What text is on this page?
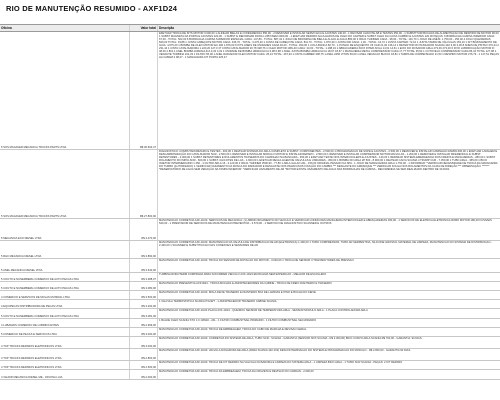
RIO DE MANUTENÇÃO RESUMIDO - AXF1D24
Oficina	Valor total Descrição
5 SOS MAGAVER MECANICA TRUCKS PARTS LTDA	R$ 36.602,47
EFETUAR TROCA DE KITS MOTOR 3.600,00 1 ALINHAR BIELAS E CONFERENCIA 650,00 - 2 REMOVER E INSTALAR SERVO ECA E AJUSTES 140,00 - 1 REVISAR CHICOTE AB E TESTES 350,00 - 1 SUBSTITUIR BUCHAS DE ALIMENTAÇÃO DE RESPIRO DE MOTOR 90,00 1 SUBST MAGNETA DA PORTA E AJUSTES 220,00 - 1 SUBST E REFORMAR RODA LUPIX/SEM 2000,00 - 1 EFETUAR REPARO AGULHADOS DE OLEO DO CARTER E SUBST OLEO DA CAIXA CAMBIO E AJUSTES 120,00 PEÇAS: 6 BORRACHA CAMISA INFERIOR CADA: 67,00 - TOTAL: 502,00 6 BORRACHA CAMISA SUPERIOR ESPECIAL CADA: 147,89 - TOTAL: 887,34 1 JOGO DE BRONZINA DE BIELA E ALGOL E AGUA 880,00 3 00121 THINNER CADA - 38,90 - TOTAL: 116,70 1 JOGO DE ANÉIS: 1.750,00 - 156,00 4 JOGO QUEIXEIRAS 840,00 TOTAL: 33,88 1 JUNTA CABEÇOTE MOTOR CADA: 436,70 - TOTAL: 3.276,40 1 JUNTA DE CABEÇOTE CADA: 811,70 - TOTAL: 1.870,30 1 JUNTA 600 CADA: 1,30 - TOTAL: 16,72 1 JUNTA CARTER: 72,10 1 JUNTA TAMPA DE VÁLVULAS 153,10 1 KIT BOZINAMENTO DE GUIA: 4.975,20 1 BOMBA DE OLEO MOTOR EC 400 1.879,00 6 KITS ANEIS DE UNIDADES CADA 46,00 - TOTAL: 390,00 1 COLA BANCA 82,70 - 1 PUNHO DE ESQUENTO V6 CAR 21,00 136,14 1 RETENTOR DO PASSADOR SCANIA 440 3,00 3,00 8 ANEIS DE PISTAO 370,24 2 231,44 1 CINTA CATALISADORA 1.220,20 127,3 47 CINTA CATALISADOR 26,78 328,76 1 OLEO MOTOR 19W-40 CADA: 33,00 - TOTAL: 1.188,34 1 ABRACADEIRA INOX INTER AVILA 14,61 14,61 1 EIXO DO DOSADOR ARLA 273,00 273,00 6 FIXO LUBRIFICAÇÃO MOTOR FI 48,00 2 801,1 ANEL BOMBA HIDRAULICA 3,32 3,32 1 UNIDADE DE BOMBA HIDRAULICA 6,98 6,98 1 ANEL JUNTA BOMBA HIDRAULICA 18,67 18,67 1 MANGUEIRA METAL COMPRESSOR CADA 17,77 TOTAL 35,54 1 COTOVELO COMPRESSOR CADA 86,44 TOTAL 127,98 1 VEDANTE TURBINA 162,33 1 FILTRO 65,00 1 ANEL RADIADOR OLEO MOTOR CADA: 25,44 TOTAL: 467,94 1 CINTA CAMBER 308,75 1 ANEL 2250 VITON 69,00 1 ANEL VEDACAO BLOCO 18,81 1 TAMPA DE COMPENSADO 21,53 1 RESPIRO MOTOR 276,79 - 1 147,51 PEÇAS HA CABAM 2 08,27 - 1 MANGUEIRA KIT PORTA 225,47
5 SOS MAGAVER MECANICA TRUCKS PARTS LTDA	R$ 27.800,00
DIAGNOSTICO: COMPUTADORIZADO E TESTES - 300,00 1 REVISAR SISTEMA DO ARLA COMPLETO E SUBST. COMPONENTES - 2.500,00 1 PROGRAMACAO DE SOPE E AJUSTES - 2.500,00 1 REMOVER E INSTALAR CAMINHAO RAMPA 600,00 1 EFETUAR LAVAGEM E DESCARBONIZAÇÃO DO CATALISADOR SCR - 2.500,00 1 REMOVER E INSTALAR MODULO MOTOR E INSTALAR REPARO - 2.500,00 1 REMOVER E INSTALAR COMPRESSOR MOTOR/VALVULAS - 1.200,00 1 REMOVER E INSTALAR DIFERENCIAL E SUBST. RETENTORES - 2.000,00 1 SUBST RETENTORES E ROLAMENTOS TRASEIROS DO CAMINHAO NA BANCADA - 450,00 1 EFETUAR TESTE NOS INTERCOOLERS E AJUSTES - 140,00 1 REPARAR SISTEMA EMERGENCIA DOS FREIOS E MANGUEIRAS - 280,00 1 SUBST ROLAMENTO DO IMPULSOR - 600,00 1 SUBST. CHICOTES DE LAS - 1.600,00 1 EFETUAR REGULAGEM DE VALVULAS E UNIDADES - 450,00 1 BOMBA DO ARLA 2P 500 - 8.900,00 1 REVISAR CAIXA SCANIA 4 TRUMP CUR - 7.350,00 1 TUBO ARLA - 365,00 1 BICO INJETOR INTERMEDIARIO 1.450 - 1 FILTRO ARLA 16 - 2.120,00 2 00121 THINNER 3500,90 - 77,80 1 ARLA GALAO 20L - 159,00 ORIGINAL PESADO DA SPA - 1 JOGO DE MANGUEIRAS ARLA 1.750,00 - 1 INFORMAR: *VERIFICAR NECESSIDADE DE TROCA DA MANGUEIRA DO TURBO (AUTORIZADO) 1 VERIFICAR VAZAMENTO DA ROSCA DO RADIADOR E DESGASTE NOS PARAFUSOS FIXAÇÃO DO CAMBIO *** DESGASTE DO ARRANQUE *** VERIFICAR FOLGA NOS ROLAMENTOS DA CAIXA DE DIREÇÃO *** OBSERVAÇÃO: ******* *RESERVATÓRIO DE AGUA SEM VEDAÇÃO NA TAMPA INFERIOR: *VERIFICAR VAZAMENTO DE AR *MOTOR EXISTE VAZAMENTO DE AGUA NAS BORRACHAS DE CAMISA - RECOMENDA-SE SER REALIZADO DENTRO DE 30 DIAS
5 MECANICA ECO DIESEL LTDA	R$ 4.470,00
MANUTENCAO CORRETIVA AXF-1D24: SERVICOS DE MECANICA: (1) ABRIR ORCAMENTO DO VEICULO E VERIFICAR CONDICOES MANGUEIRA INTERCOOLER E ABRAÇADEIRAS 180,00 - 1 SERVICOS DE ELETRICA ELETRONICA ROBO MOTOR 180,00 FUSIVEIS 540,00 - 1 PRESTADOR DE SERVICOS DE MANUTENCAO PREVENTIVA - 3.570,00 - 1 SERVICO DE DIAGNOSTICO SCANNER E OUTROS
5 R&C MECANICA DIESEL LTDA	R$ 3.890,00
MANUTENCAO CORRETIVA AXF-1D24: MANUTENCAO DA VALVULA DE DISTRIBUICAO DE AR (ELETRONICA) 1.490,00 1 TUBO COMPRESSOR, TUBO AR SERPENTINA, SILICONE GROSSO, MATERIAL DE LIMPEZA, MANUTENCAO DO SISTEMA DE DISTRIBUICAO - 2.400,00 1 SCANNER E SUBSTITUICAO DAS CONEXOES E SENSORES DE AR
5 ANEL MECANICA DIESEL LTDA	R$ 3.640,00
MANUTENCAO CORRETIVA AXF-1D24: TROCA DO SENSOR DE ROTACAO DO MOTOR - 3.640,00 1 TROCA DE SENSOR 3 TRANSDUTORES DE PRESSAO
5 COUTO E NUNEMBERG COMERCIO DE AUTO PECAS LTDA	R$ 3.388,37
TURBINA RODOTERM COMPRADA PARA SOCORRER VEICULO AXF-1D24 EM RIALMA SEM EXPEDICAO - MELHOR DE ESCOLHIDO
5 COUTO E NUNEMBERG COMERCIO DE AUTO PECAS LTDA	R$ 3.080,00
MANUTENCAO PREVENTIVA AXF1D24 - TROCA BUCHAS E AMORTECEDORES DA CABINE - TROCA DE FREIO DIANTEIRO E TRASEIRO
4 COMERCIO E SERVICOS DE MOLAS MUNDIAL LTDA	R$ 3.500,00
MANUTENCAO CORRETIVA AXF-1D24: MOLA FEIXE TRASEIRO E DIANTEIRO 8/10 DE LAMINAS E PINO E BUCHA DO FEIXE
4 EQUIPECAS DISTRIBUIDORA DE PECAS LTDA	R$ 3.200,00
1 VALVULA TERMOSTATICA SCANIA P/G/R/T - 1 AMORTECEDOR TRASEIRO CABINE SCANIA
5 COUTO E NUNEMBERG COMERCIO DE AUTO PECAS LTDA	R$ 3.081,00
MANUTENCAO CORRETIVA AXF-1D24 PLACA AXF-1D24 - QUEIMOU SENSOR DE TEMPERATURA ARLA - SENSOR MODULO ARLA - 1 PLACA CONTROLADORA ARLA
4 LUBAMAIS COMERCIO DE LUBRIFICANTES	R$ 2.969,00
1 BALDE OLEO SCANIA STO 1:0 10W40 - 20L - 1 FILTRO COMBUSTIVEL PRIMARIO - 1 FILTRO COMBUSTIVEL SECUNDARIO
5 COMERCIO DE PECAS E SERVICOS LTDA	R$ 3.000,00
MANUTENCAO CORRETIVA AXF-1D24: TROCA DE EMBREAGEM, TROCA DO CABO DE MARCHA E REVISAO GERAL
4 TOP TRUCKS REPAROS ELETRONICOS LTDA	R$ 3.000,00
MANUTENCAO CORRETIVA AXF-1D24: CORRETIVA DO SISTEMA DE ARLA, TUBO SCR - SCANIA - GARANTIA (SENSOR NOX SCANIA - R$ 2.300,00) BICO CURVO ARLA SCANIA R$ 700,00 - GARANTIA: 90 DIAS
4 TOP TRUCKS REPAROS ELETRONICOS LTDA	R$ 2.800,00
MANUTENCAO CORRETIVA AXF-1D24: VALVULA DOSADORA DE ARLA (PARA SCANIA 440 4X2) DESCONTAMINACAO DO SISTEMA E PROGRAMACAO DO MODULO - R$ 2.800,00 - GARANTIA 90 DIAS
4 TOP TRUCKS REPAROS ELETRONICOS LTDA	R$ 2.500,00
MANUTENCAO CORRETIVA AXF-1D24: TROCA DE KIT REPARO NA VALVULA DOSADORA E LIMPEZA DO SISTEMA ARLA - 1 LIMPEZA BICO ARLA - 1 TUBO SCR SCANIA - PEÇAS: 2 KIT REPARO
4 VALDIR MECANICA DIESEL ME - OFICINA LUIA	R$ 2.000,00
MANUTENCAO CORRETIVA AXF-1D24: TROCA DA EMBREAGEM, TROCA DA CRUZETA E REVISAO DO CARDAN - 2.000,00
